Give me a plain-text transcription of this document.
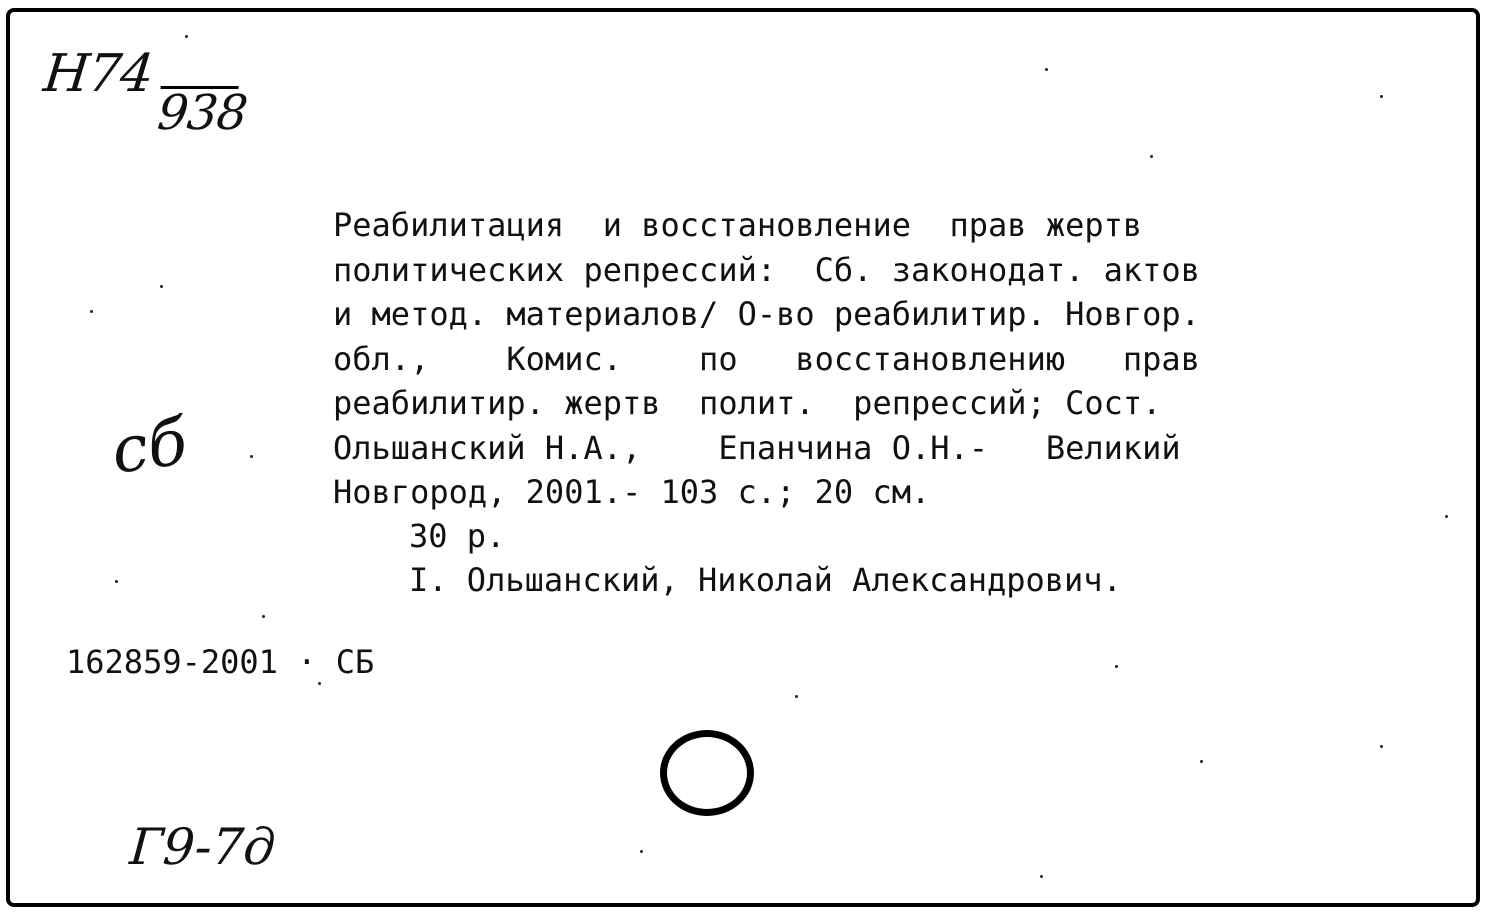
Н74
938
сб

Реабилитация  и восстановление  прав жертв

политических репрессий:  Сб. законодат. актов

и метод. материалов/ О-во реабилитир. Новгор.

обл.,    Комис.    по   восстановлению   прав

реабилитир. жертв  полит.  репрессий; Сост.

Ольшанский Н.А.,    Епанчина О.Н.-   Великий

Новгород, 2001.- 103 с.; 20 см.

30 р.

I. Ольшанский, Николай Александрович.

162859-2001 · СБ

Г9-7д
